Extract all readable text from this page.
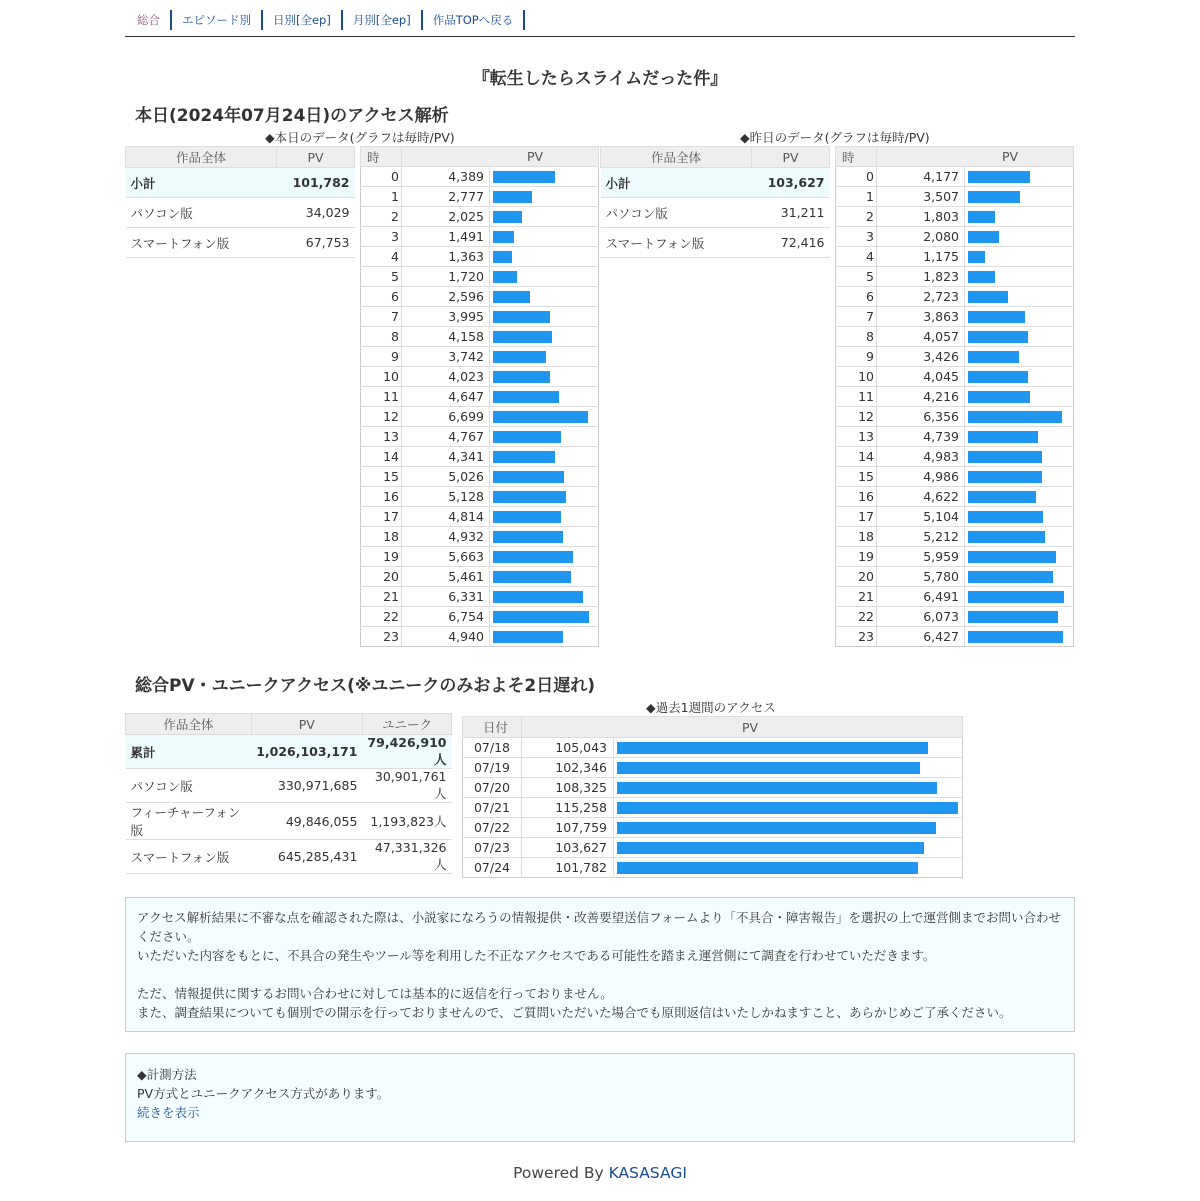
総合	エピソード別	日別[全ep]	月別[全ep]	作品TOPへ戻る
『転生したらスライムだった件』
本日(2024年07月24日)のアクセス解析
◆本日のデータ(グラフは毎時/PV)
作品全体	PV
小計	101,782
パソコン版	34,029
スマートフォン版	67,753
時	PV	
0	4,389	

1	2,777	

2	2,025	

3	1,491	

4	1,363	

5	1,720	

6	2,596	

7	3,995	

8	4,158	

9	3,742	

10	4,023	

11	4,647	

12	6,699	

13	4,767	

14	4,341	

15	5,026	

16	5,128	

17	4,814	

18	4,932	

19	5,663	

20	5,461	

21	6,331	

22	6,754	

23	4,940	
◆昨日のデータ(グラフは毎時/PV)
作品全体	PV
小計	103,627
パソコン版	31,211
スマートフォン版	72,416
時	PV	
0	4,177	

1	3,507	

2	1,803	

3	2,080	

4	1,175	

5	1,823	

6	2,723	

7	3,863	

8	4,057	

9	3,426	

10	4,045	

11	4,216	

12	6,356	

13	4,739	

14	4,983	

15	4,986	

16	4,622	

17	5,104	

18	5,212	

19	5,959	

20	5,780	

21	6,491	

22	6,073	

23	6,427	
総合PV・ユニークアクセス(※ユニークのみおよそ2日遅れ)
作品全体	PV	ユニーク
累計	1,026,103,171	79,426,910人
パソコン版	330,971,685	30,901,761人
フィーチャーフォン版	49,846,055	1,193,823人
スマートフォン版	645,285,431	47,331,326人
◆過去1週間のアクセス
日付	PV	
07/18	105,043	

07/19	102,346	

07/20	108,325	

07/21	115,258	

07/22	107,759	

07/23	103,627	

07/24	101,782	

アクセス解析結果に不審な点を確認された際は、小説家になろうの情報提供・改善要望送信フォームより「不具合・障害報告」を選択の上で運営側までお問い合わせください。

いただいた内容をもとに、不具合の発生やツール等を利用した不正なアクセスである可能性を踏まえ運営側にて調査を行わせていただきます。

ただ、情報提供に関するお問い合わせに対しては基本的に返信を行っておりません。

また、調査結果についても個別での開示を行っておりませんので、ご質問いただいた場合でも原則返信はいたしかねますこと、あらかじめご了承ください。

◆計測方法

PV方式とユニークアクセス方式があります。

続きを表示

Powered By KASASAGI
